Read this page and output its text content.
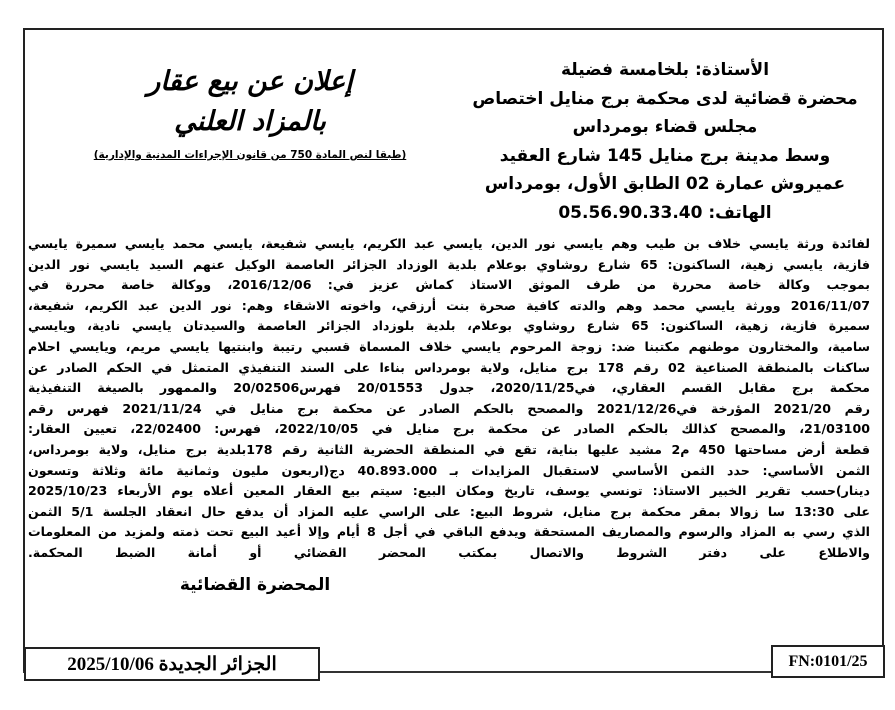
الأستاذة: بلخامسة فضيلة
محضرة قضائية لدى محكمة برج منايل اختصاص
مجلس قضاء بومرداس
وسط مدينة برج منايل 145 شارع العقيد
عميروش عمارة 02 الطابق الأول، بومرداس
الهاتف: 05.56.90.33.40
إعلان عن بيع عقار
بالمزاد العلني
(طبقا لنص المادة 750 من قانون الإجراءات المدنية والإدارية)
لفائدة ورثة يايسي خلاف بن طيب وهم يايسي نور الدين، يايسي عبد الكريم، يايسي شفيعة، يايسي محمد يايسي سميرة يايسي
فازية، يايسي زهية، الساكنون: 65 شارع روشاوي بوعلام بلدية الوزداد الجزائر العاصمة الوكيل عنهم السيد يايسي نور الدين
بموجب وكالة خاصة محررة من طرف الموثق الاستاذ كماش عزيز في: 2016/12/06، ووكالة خاصة محررة في
2016/11/07 وورثة يايسي محمد وهم والدته كافية صحرة بنت أرزقي، واخوته الاشقاء وهم: نور الدين عبد الكريم، شفيعة،
سميرة فازية، زهية، الساكنون: 65 شارع روشاوي بوعلام، بلدية بلوزداد الجزائر العاصمة والسيدتان يايسي نادية، ويايسي
سامية، والمختارون موطنهم مكتبنا ضد: زوجة المرحوم يايسي خلاف المسماة قسبي رتيبة وابنتيها يايسي مريم، ويايسي احلام
ساكنات بالمنطقة الصناعية 02 رقم 178 برج منايل، ولاية بومرداس بناءا على السند التنفيذي المتمثل في الحكم الصادر عن
محكمة برج مقابل القسم العقاري، في2020/11/25، جدول 20/01553 فهرس20/02506 والممهور بالصيغة التنفيذية
رقم 2021/20 المؤرخة في2021/12/26 والمصحح بالحكم الصادر عن محكمة برج منايل في 2021/11/24 فهرس رقم
21/03100، والمصحح كذالك بالحكم الصادر عن محكمة برج منايل في 2022/10/05، فهرس: 22/02400، تعيين العقار:
قطعة أرض مساحتها 450 م2 مشيد عليها بناية، تقع في المنطقة الحضرية الثانية رقم 178بلدية برج منايل، ولاية بومرداس،
الثمن الأساسي: حدد الثمن الأساسي لاستقبال المزايدات بـ 40.893.000 دج(اربعون مليون وثمانية مائة وثلاثة وتسعون
دينار)حسب تقرير الخبير الاستاذ: تونسي يوسف، تاريخ ومكان البيع: سيتم بيع العقار المعين أعلاه يوم الأربعاء 2025/10/23
على 13:30 سا زوالا بمقر محكمة برج منايل، شروط البيع: على الراسي عليه المزاد أن يدفع حال انعقاد الجلسة 5/1 الثمن
الذي رسي به المزاد والرسوم والمصاريف المستحقة ويدفع الباقي في أجل 8 أيام وإلا أعيد البيع تحت ذمته ولمزيد من المعلومات
والاطلاع على دفتر الشروط والاتصال بمكتب المحضر القضائي أو أمانة الضبط المحكمة.
المحضرة القضائية
الجزائر الجديدة 2025/10/06	FN:0101/25
